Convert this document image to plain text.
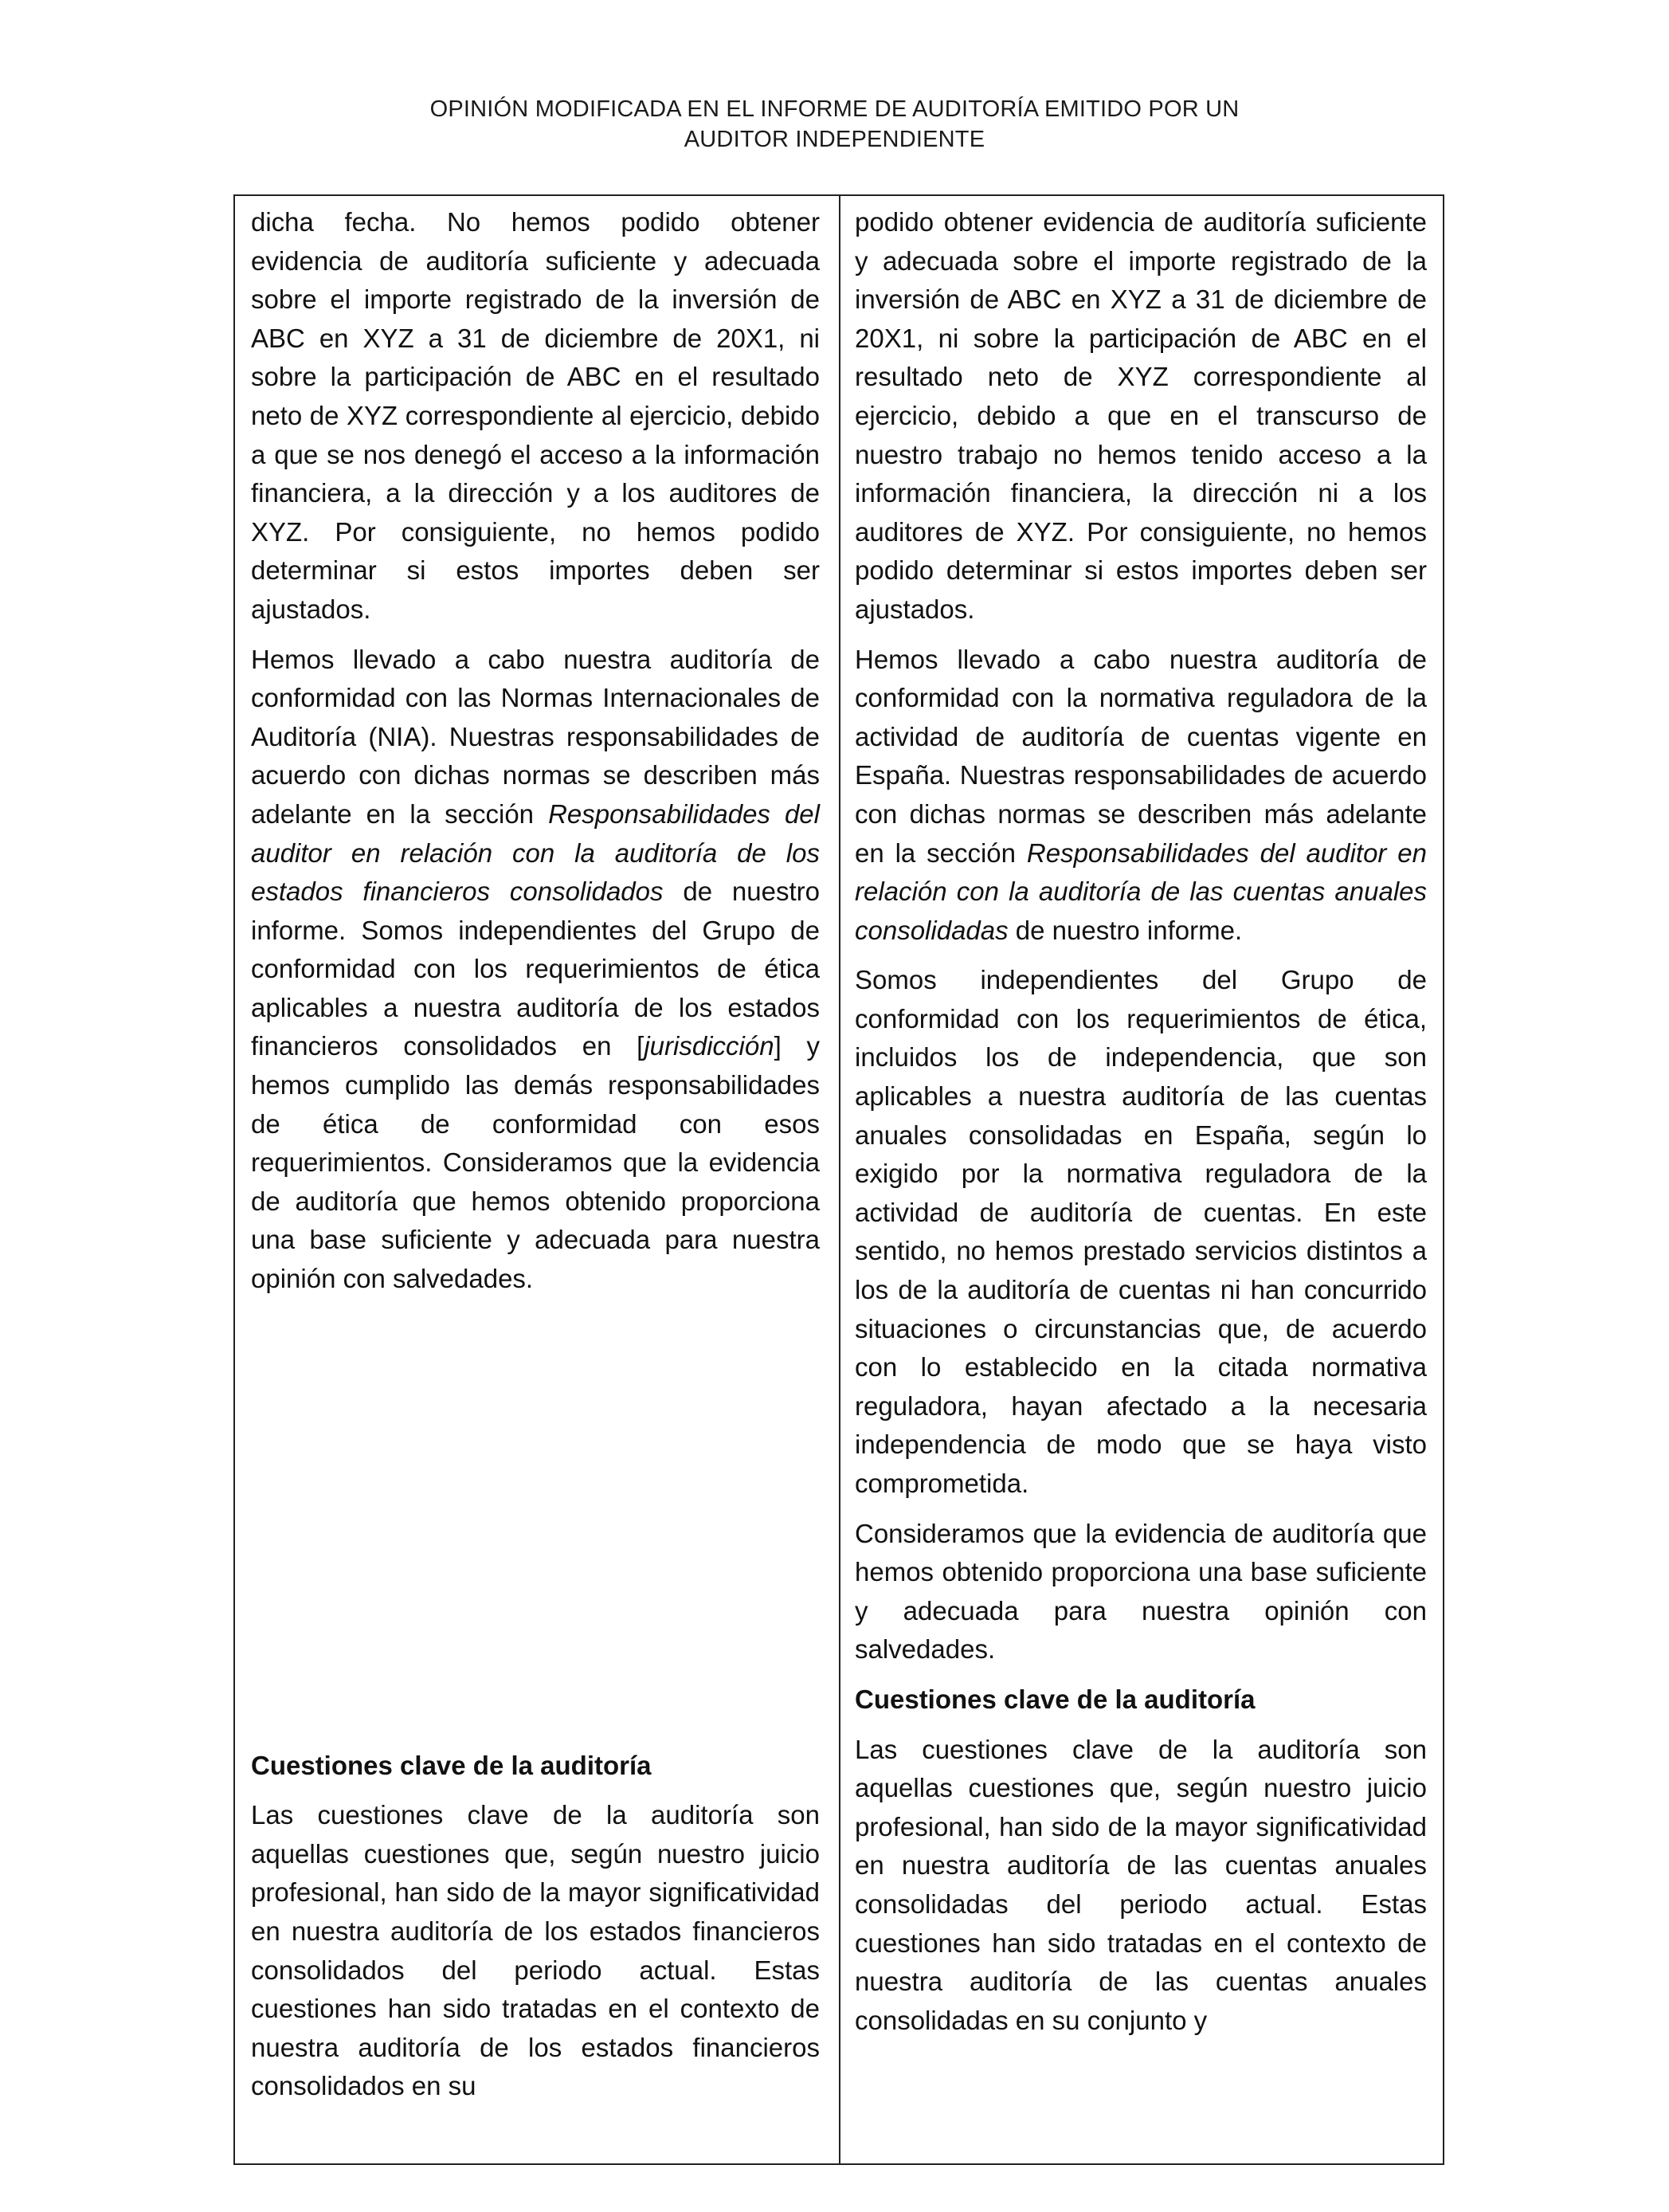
OPINIÓN MODIFICADA EN EL INFORME DE AUDITORÍA EMITIDO POR UN
AUDITOR INDEPENDIENTE

dicha fecha. No hemos podido obtener evidencia de auditoría suficiente y adecuada sobre el importe registrado de la inversión de ABC en XYZ a 31 de diciembre de 20X1, ni sobre la participación de ABC en el resultado neto de XYZ correspondiente al ejercicio, debido a que se nos denegó el acceso a la información financiera, a la dirección y a los auditores de XYZ. Por consiguiente, no hemos podido determinar si estos importes deben ser ajustados.

Hemos llevado a cabo nuestra auditoría de conformidad con las Normas Internacionales de Auditoría (NIA). Nuestras responsabilidades de acuerdo con dichas normas se describen más adelante en la sección Responsabilidades del auditor en relación con la auditoría de los estados financieros consolidados de nuestro informe. Somos independientes del Grupo de conformidad con los requerimientos de ética aplicables a nuestra auditoría de los estados financieros consolidados en [jurisdicción] y hemos cumplido las demás responsabilidades de ética de conformidad con esos requerimientos. Consideramos que la evidencia de auditoría que hemos obtenido proporciona una base suficiente y adecuada para nuestra opinión con salvedades.

Cuestiones clave de la auditoría

Las cuestiones clave de la auditoría son aquellas cuestiones que, según nuestro juicio profesional, han sido de la mayor significatividad en nuestra auditoría de los estados financieros consolidados del periodo actual. Estas cuestiones han sido tratadas en el contexto de nuestra auditoría de los estados financieros consolidados en su

podido obtener evidencia de auditoría suficiente y adecuada sobre el importe registrado de la inversión de ABC en XYZ a 31 de diciembre de 20X1, ni sobre la participación de ABC en el resultado neto de XYZ correspondiente al ejercicio, debido a que en el transcurso de nuestro trabajo no hemos tenido acceso a la información financiera, la dirección ni a los auditores de XYZ. Por consiguiente, no hemos podido determinar si estos importes deben ser ajustados.

Hemos llevado a cabo nuestra auditoría de conformidad con la normativa reguladora de la actividad de auditoría de cuentas vigente en España. Nuestras responsabilidades de acuerdo con dichas normas se describen más adelante en la sección Responsabilidades del auditor en relación con la auditoría de las cuentas anuales consolidadas de nuestro informe.

Somos independientes del Grupo de conformidad con los requerimientos de ética, incluidos los de independencia, que son aplicables a nuestra auditoría de las cuentas anuales consolidadas en España, según lo exigido por la normativa reguladora de la actividad de auditoría de cuentas. En este sentido, no hemos prestado servicios distintos a los de la auditoría de cuentas ni han concurrido situaciones o circunstancias que, de acuerdo con lo establecido en la citada normativa reguladora, hayan afectado a la necesaria independencia de modo que se haya visto comprometida.

Consideramos que la evidencia de auditoría que hemos obtenido proporciona una base suficiente y adecuada para nuestra opinión con salvedades.

Cuestiones clave de la auditoría

Las cuestiones clave de la auditoría son aquellas cuestiones que, según nuestro juicio profesional, han sido de la mayor significatividad en nuestra auditoría de las cuentas anuales consolidadas del periodo actual. Estas cuestiones han sido tratadas en el contexto de nuestra auditoría de las cuentas anuales consolidadas en su conjunto y
